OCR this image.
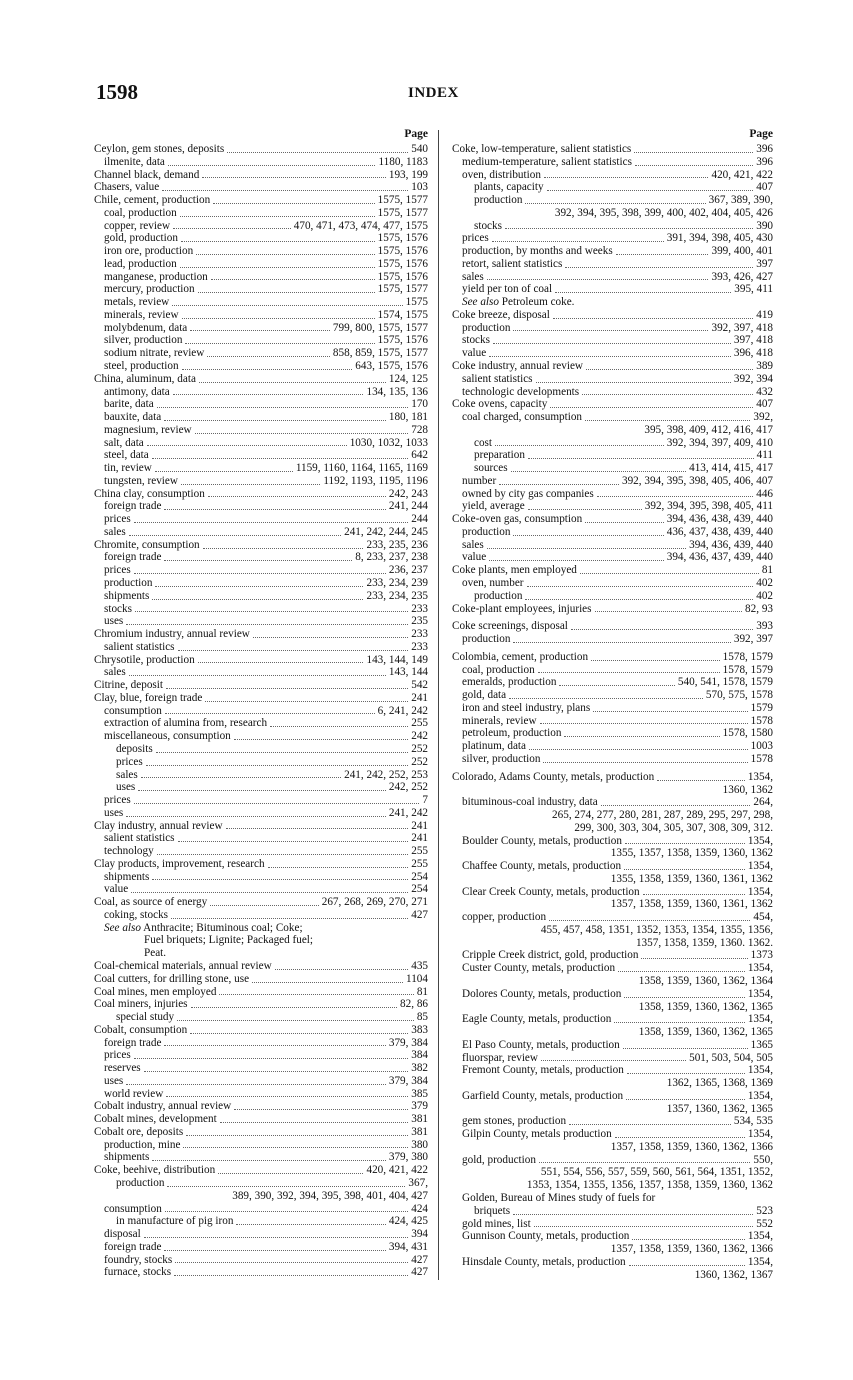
1598	INDEX
Page
Ceylon, gem stones, deposits	540
ilmenite, data	1180, 1183
Channel black, demand	193, 199
Chasers, value	103
Chile, cement, production	1575, 1577
coal, production	1575, 1577
copper, review	470, 471, 473, 474, 477, 1575
gold, production	1575, 1576
iron ore, production	1575, 1576
lead, production	1575, 1576
manganese, production	1575, 1576
mercury, production	1575, 1577
metals, review	1575
minerals, review	1574, 1575
molybdenum, data	799, 800, 1575, 1577
silver, production	1575, 1576
sodium nitrate, review	858, 859, 1575, 1577
steel, production	643, 1575, 1576
China, aluminum, data	124, 125
antimony, data	134, 135, 136
barite, data	170
bauxite, data	180, 181
magnesium, review	728
salt, data	1030, 1032, 1033
steel, data	642
tin, review	1159, 1160, 1164, 1165, 1169
tungsten, review	1192, 1193, 1195, 1196
China clay, consumption	242, 243
foreign trade	241, 244
prices	244
sales	241, 242, 244, 245
Chromite, consumption	233, 235, 236
foreign trade	8, 233, 237, 238
prices	236, 237
production	233, 234, 239
shipments	233, 234, 235
stocks	233
uses	235
Chromium industry, annual review	233
salient statistics	233
Chrysotile, production	143, 144, 149
sales	143, 144
Citrine, deposit	542
Clay, blue, foreign trade	241
consumption	6, 241, 242
extraction of alumina from, research	255
miscellaneous, consumption	242
deposits	252
prices	252
sales	241, 242, 252, 253
uses	242, 252
prices	7
uses	241, 242
Clay industry, annual review	241
salient statistics	241
technology	255
Clay products, improvement, research	255
shipments	254
value	254
Coal, as source of energy	267, 268, 269, 270, 271
coking, stocks	427
See also Anthracite; Bituminous coal; Coke;
Fuel briquets; Lignite; Packaged fuel;
Peat.
Coal-chemical materials, annual review	435
Coal cutters, for drilling stone, use	1104
Coal mines, men employed	81
Coal miners, injuries	82, 86
special study	85
Cobalt, consumption	383
foreign trade	379, 384
prices	384
reserves	382
uses	379, 384
world review	385
Cobalt industry, annual review	379
Cobalt mines, development	381
Cobalt ore, deposits	381
production, mine	380
shipments	379, 380
Coke, beehive, distribution	420, 421, 422
production	367,
389, 390, 392, 394, 395, 398, 401, 404, 427
consumption	424
in manufacture of pig iron	424, 425
disposal	394
foreign trade	394, 431
foundry, stocks	427
furnace, stocks	427
Page
Coke, low-temperature, salient statistics	396
medium-temperature, salient statistics	396
oven, distribution	420, 421, 422
plants, capacity	407
production	367, 389, 390,
392, 394, 395, 398, 399, 400, 402, 404, 405, 426
stocks	390
prices	391, 394, 398, 405, 430
production, by months and weeks	399, 400, 401
retort, salient statistics	397
sales	393, 426, 427
yield per ton of coal	395, 411
See also Petroleum coke.
Coke breeze, disposal	419
production	392, 397, 418
stocks	397, 418
value	396, 418
Coke industry, annual review	389
salient statistics	392, 394
technologic developments	432
Coke ovens, capacity	407
coal charged, consumption	392,
395, 398, 409, 412, 416, 417
cost	392, 394, 397, 409, 410
preparation	411
sources	413, 414, 415, 417
number	392, 394, 395, 398, 405, 406, 407
owned by city gas companies	446
yield, average	392, 394, 395, 398, 405, 411
Coke-oven gas, consumption	394, 436, 438, 439, 440
production	436, 437, 438, 439, 440
sales	394, 436, 439, 440
value	394, 436, 437, 439, 440
Coke plants, men employed	81
oven, number	402
production	402
Coke-plant employees, injuries	82, 93
Coke screenings, disposal	393
production	392, 397
Colombia, cement, production	1578, 1579
coal, production	1578, 1579
emeralds, production	540, 541, 1578, 1579
gold, data	570, 575, 1578
iron and steel industry, plans	1579
minerals, review	1578
petroleum, production	1578, 1580
platinum, data	1003
silver, production	1578
Colorado, Adams County, metals, production	1354,
1360, 1362
bituminous-coal industry, data	264,
265, 274, 277, 280, 281, 287, 289, 295, 297, 298,
299, 300, 303, 304, 305, 307, 308, 309, 312.
Boulder County, metals, production	1354,
1355, 1357, 1358, 1359, 1360, 1362
Chaffee County, metals, production	1354,
1355, 1358, 1359, 1360, 1361, 1362
Clear Creek County, metals, production	1354,
1357, 1358, 1359, 1360, 1361, 1362
copper, production	454,
455, 457, 458, 1351, 1352, 1353, 1354, 1355, 1356,
1357, 1358, 1359, 1360. 1362.
Cripple Creek district, gold, production	1373
Custer County, metals, production	1354,
1358, 1359, 1360, 1362, 1364
Dolores County, metals, production	1354,
1358, 1359, 1360, 1362, 1365
Eagle County, metals, production	1354,
1358, 1359, 1360, 1362, 1365
El Paso County, metals, production	1365
fluorspar, review	501, 503, 504, 505
Fremont County, metals, production	1354,
1362, 1365, 1368, 1369
Garfield County, metals, production	1354,
1357, 1360, 1362, 1365
gem stones, production	534, 535
Gilpin County, metals production	1354,
1357, 1358, 1359, 1360, 1362, 1366
gold, production	550,
551, 554, 556, 557, 559, 560, 561, 564, 1351, 1352,
1353, 1354, 1355, 1356, 1357, 1358, 1359, 1360, 1362
Golden, Bureau of Mines study of fuels for
briquets	523
gold mines, list	552
Gunnison County, metals, production	1354,
1357, 1358, 1359, 1360, 1362, 1366
Hinsdale County, metals, production	1354,
1360, 1362, 1367
